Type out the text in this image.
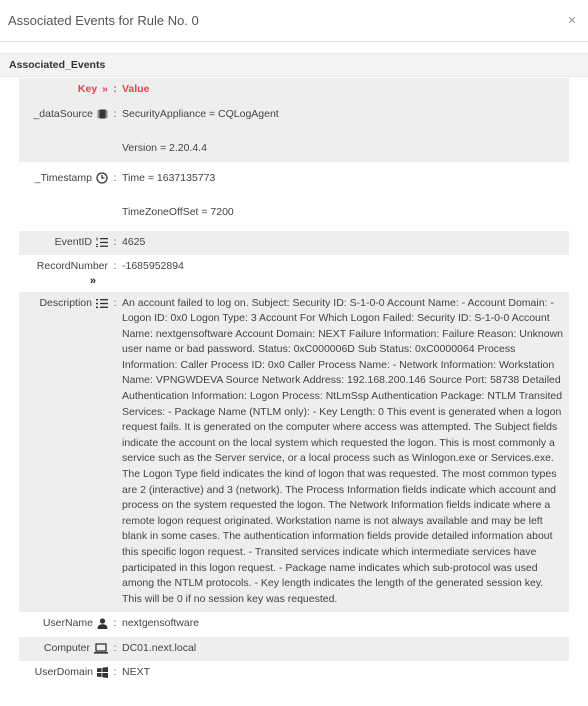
Associated Events for Rule No. 0	×
Associated_Events
Key » : Value
_dataSource	: SecurityAppliance = CQLogAgent

Version = 2.20.4.4

_Timestamp	: Time = 1637135773

TimeZoneOffSet = 7200

EventID	: 4625

RecordNumber
»
: -1685952894

Description	: An account failed to log on. Subject: Security ID: S-1-0-0 Account Name: - Account Domain: - Logon ID: 0x0 Logon Type: 3 Account For Which Logon Failed: Security ID: S-1-0-0 Account Name: nextgensoftware Account Domain: NEXT Failure Information: Failure Reason: Unknown user name or bad password. Status: 0xC000006D Sub Status: 0xC0000064 Process Information: Caller Process ID: 0x0 Caller Process Name: - Network Information: Workstation Name: VPNGWDEVA Source Network Address: 192.168.200.146 Source Port: 58738 Detailed Authentication Information: Logon Process: NtLmSsp Authentication Package: NTLM Transited Services: - Package Name (NTLM only): - Key Length: 0 This event is generated when a logon request fails. It is generated on the computer where access was attempted. The Subject fields indicate the account on the local system which requested the logon. This is most commonly a service such as the Server service, or a local process such as Winlogon.exe or Services.exe. The Logon Type field indicates the kind of logon that was requested. The most common types are 2 (interactive) and 3 (network). The Process Information fields indicate which account and process on the system requested the logon. The Network Information fields indicate where a remote logon request originated. Workstation name is not always available and may be left blank in some cases. The authentication information fields provide detailed information about this specific logon request. - Transited services indicate which intermediate services have participated in this logon request. - Package name indicates which sub-protocol was used among the NTLM protocols. - Key length indicates the length of the generated session key. This will be 0 if no session key was requested.

UserName	: nextgensoftware

Computer	: DC01.next.local

UserDomain	: NEXT
